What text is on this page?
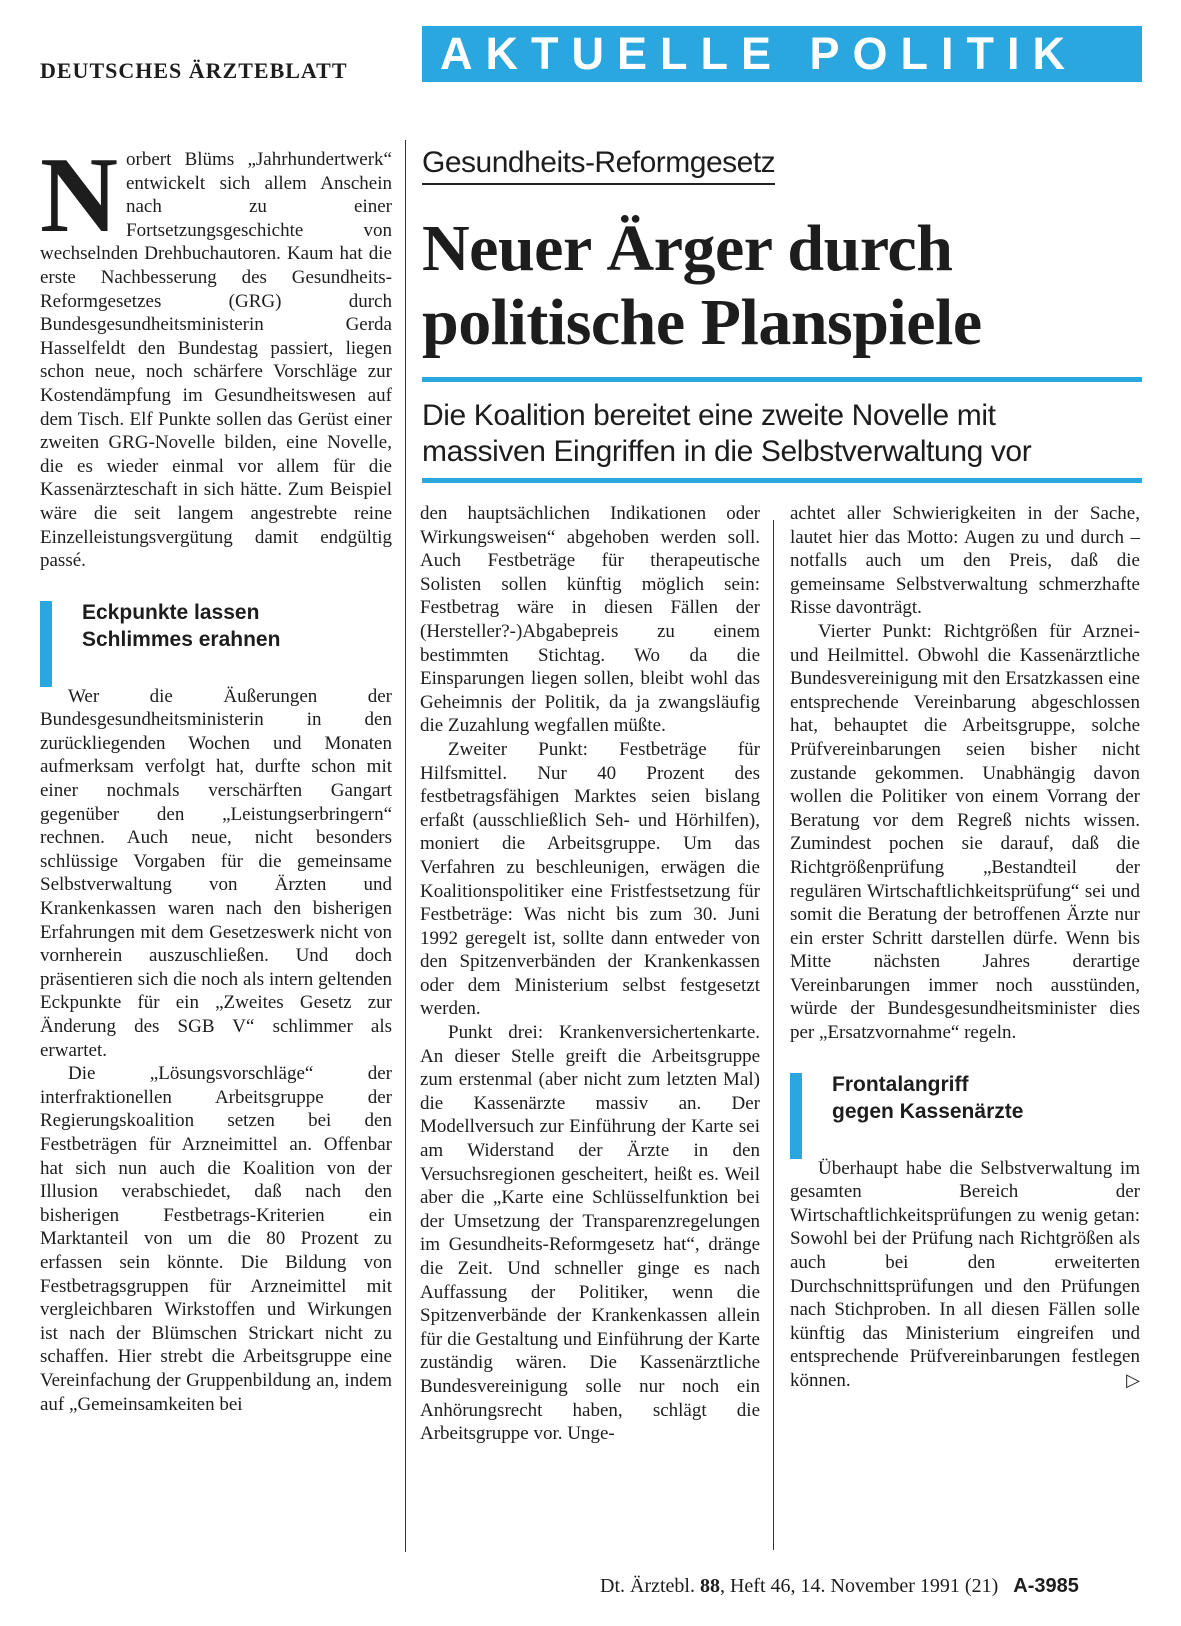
DEUTSCHES ÄRZTEBLATT	AKTUELLE POLITIK
Gesundheits-Reformgesetz
Neuer Ärger durch
politische Planspiele
Die Koalition bereitet eine zweite Novelle mit
massiven Eingriffen in die Selbstverwaltung vor

Norbert Blüms „Jahrhundertwerk“ entwickelt sich allem Anschein nach zu einer Fortsetzungsgeschichte von wechselnden Drehbuchautoren. Kaum hat die erste Nachbesserung des Gesundheits-Reformgesetzes (GRG) durch Bundesgesundheitsministerin Gerda Hasselfeldt den Bundestag passiert, liegen schon neue, noch schärfere Vorschläge zur Kostendämpfung im Gesundheitswesen auf dem Tisch. Elf Punkte sollen das Gerüst einer zweiten GRG-Novelle bilden, eine Novelle, die es wieder einmal vor allem für die Kassenärzteschaft in sich hätte. Zum Beispiel wäre die seit langem angestrebte reine Einzelleistungsvergütung damit endgültig passé.

Eckpunkte lassen
Schlimmes erahnen

Wer die Äußerungen der Bundesgesundheitsministerin in den zurückliegenden Wochen und Monaten aufmerksam verfolgt hat, durfte schon mit einer nochmals verschärften Gangart gegenüber den „Leistungserbringern“ rechnen. Auch neue, nicht besonders schlüssige Vorgaben für die gemeinsame Selbstverwaltung von Ärzten und Krankenkassen waren nach den bisherigen Erfahrungen mit dem Gesetzeswerk nicht von vornherein auszuschließen. Und doch präsentieren sich die noch als intern geltenden Eckpunkte für ein „Zweites Gesetz zur Änderung des SGB V“ schlimmer als erwartet.

Die „Lösungsvorschläge“ der interfraktionellen Arbeitsgruppe der Regierungskoalition setzen bei den Festbeträgen für Arzneimittel an. Offenbar hat sich nun auch die Koalition von der Illusion verabschiedet, daß nach den bisherigen Festbetrags-Kriterien ein Marktanteil von um die 80 Prozent zu erfassen sein könnte. Die Bildung von Festbetragsgruppen für Arzneimittel mit vergleichbaren Wirkstoffen und Wirkungen ist nach der Blümschen Strickart nicht zu schaffen. Hier strebt die Arbeitsgruppe eine Vereinfachung der Gruppenbildung an, indem auf „Gemeinsamkeiten bei

den hauptsächlichen Indikationen oder Wirkungsweisen“ abgehoben werden soll. Auch Festbeträge für therapeutische Solisten sollen künftig möglich sein: Festbetrag wäre in diesen Fällen der (Hersteller?-)Abgabepreis zu einem bestimmten Stichtag. Wo da die Einsparungen liegen sollen, bleibt wohl das Geheimnis der Politik, da ja zwangsläufig die Zuzahlung wegfallen müßte.

Zweiter Punkt: Festbeträge für Hilfsmittel. Nur 40 Prozent des festbetragsfähigen Marktes seien bislang erfaßt (ausschließlich Seh- und Hörhilfen), moniert die Arbeitsgruppe. Um das Verfahren zu beschleunigen, erwägen die Koalitionspolitiker eine Fristfestsetzung für Festbeträge: Was nicht bis zum 30. Juni 1992 geregelt ist, sollte dann entweder von den Spitzenverbänden der Krankenkassen oder dem Ministerium selbst festgesetzt werden.

Punkt drei: Krankenversichertenkarte. An dieser Stelle greift die Arbeitsgruppe zum erstenmal (aber nicht zum letzten Mal) die Kassenärzte massiv an. Der Modellversuch zur Einführung der Karte sei am Widerstand der Ärzte in den Versuchsregionen gescheitert, heißt es. Weil aber die „Karte eine Schlüsselfunktion bei der Umsetzung der Transparenzregelungen im Gesundheits-Reformgesetz hat“, dränge die Zeit. Und schneller ginge es nach Auffassung der Politiker, wenn die Spitzenverbände der Krankenkassen allein für die Gestaltung und Einführung der Karte zuständig wären. Die Kassenärztliche Bundesvereinigung solle nur noch ein Anhörungsrecht haben, schlägt die Arbeitsgruppe vor. Unge-

achtet aller Schwierigkeiten in der Sache, lautet hier das Motto: Augen zu und durch – notfalls auch um den Preis, daß die gemeinsame Selbstverwaltung schmerzhafte Risse davonträgt.

Vierter Punkt: Richtgrößen für Arznei- und Heilmittel. Obwohl die Kassenärztliche Bundesvereinigung mit den Ersatzkassen eine entsprechende Vereinbarung abgeschlossen hat, behauptet die Arbeitsgruppe, solche Prüfvereinbarungen seien bisher nicht zustande gekommen. Unabhängig davon wollen die Politiker von einem Vorrang der Beratung vor dem Regreß nichts wissen. Zumindest pochen sie darauf, daß die Richtgrößenprüfung „Bestandteil der regulären Wirtschaftlichkeitsprüfung“ sei und somit die Beratung der betroffenen Ärzte nur ein erster Schritt darstellen dürfe. Wenn bis Mitte nächsten Jahres derartige Vereinbarungen immer noch ausstünden, würde der Bundesgesundheitsminister dies per „Ersatzvornahme“ regeln.

Frontalangriff
gegen Kassenärzte

Überhaupt habe die Selbstverwaltung im gesamten Bereich der Wirtschaftlichkeitsprüfungen zu wenig getan: Sowohl bei der Prüfung nach Richtgrößen als auch bei den erweiterten Durchschnittsprüfungen und den Prüfungen nach Stichproben. In all diesen Fällen solle künftig das Ministerium eingreifen und entsprechende Prüfvereinbarungen festlegen können.	▷

Dt. Ärztebl. 88, Heft 46, 14. November 1991 (21) A-3985
